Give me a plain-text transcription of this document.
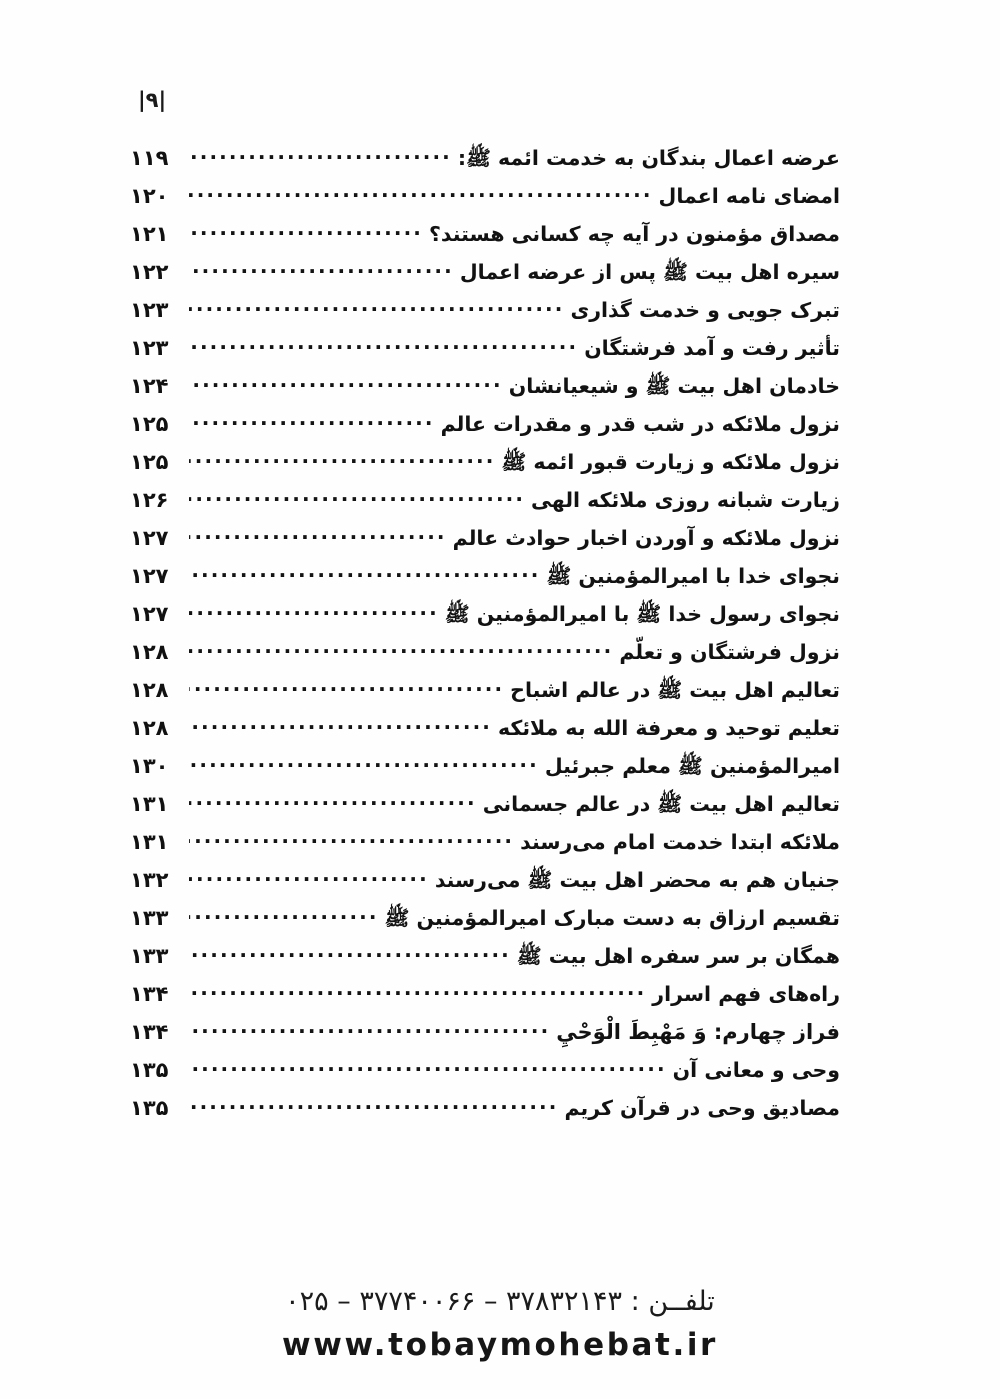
|۹|
عرضه اعمال بندگان به خدمت ائمه ﷺ:
.....
۱۱۹
امضای نامه اعمال
.....
۱۲۰
مصداق مؤمنون در آیه چه کسانی هستند؟
.....
۱۲۱
سیره اهل بیت ﷺ پس از عرضه اعمال
.....
۱۲۲
تبرک جویی و خدمت گذاری
.....
۱۲۳
تأثیر رفت و آمد فرشتگان
.....
۱۲۳
خادمان اهل بیت ﷺ و شیعیانشان
.....
۱۲۴
نزول ملائکه در شب قدر و مقدرات عالم
.....
۱۲۵
نزول ملائکه و زیارت قبور ائمه ﷺ
.....
۱۲۵
زیارت شبانه روزی ملائکه الهی
.....
۱۲۶
نزول ملائکه و آوردن اخبار حوادث عالم
.....
۱۲۷
نجوای خدا با امیرالمؤمنین ﷺ
.....
۱۲۷
نجوای رسول خدا ﷺ با امیرالمؤمنین ﷺ
.....
۱۲۷
نزول فرشتگان و تعلّم
.....
۱۲۸
تعالیم اهل بیت ﷺ در عالم اشباح
.....
۱۲۸
تعلیم توحید و معرفة الله به ملائکه
.....
۱۲۸
امیرالمؤمنین ﷺ معلم جبرئیل
.....
۱۳۰
تعالیم اهل بیت ﷺ در عالم جسمانی
.....
۱۳۱
ملائکه ابتدا خدمت امام می‌رسند
.....
۱۳۱
جنیان هم به محضر اهل بیت ﷺ می‌رسند
.....
۱۳۲
تقسیم ارزاق به دست مبارک امیرالمؤمنین ﷺ
.....
۱۳۳
همگان بر سر سفره اهل بیت ﷺ
.....
۱۳۳
راه‌های فهم اسرار
.....
۱۳۴
فراز چهارم: وَ مَهْبِطَ الْوَحْيِ
.....
۱۳۴
وحی و معانی آن
.....
۱۳۵
مصادیق وحی در قرآن کریم
.....
۱۳۵
تلفــن : ۳۷۸۳۲۱۴۳ – ۳۷۷۴۰۰۶۶ – ۰۲۵
www.tobaymohebat.ir
